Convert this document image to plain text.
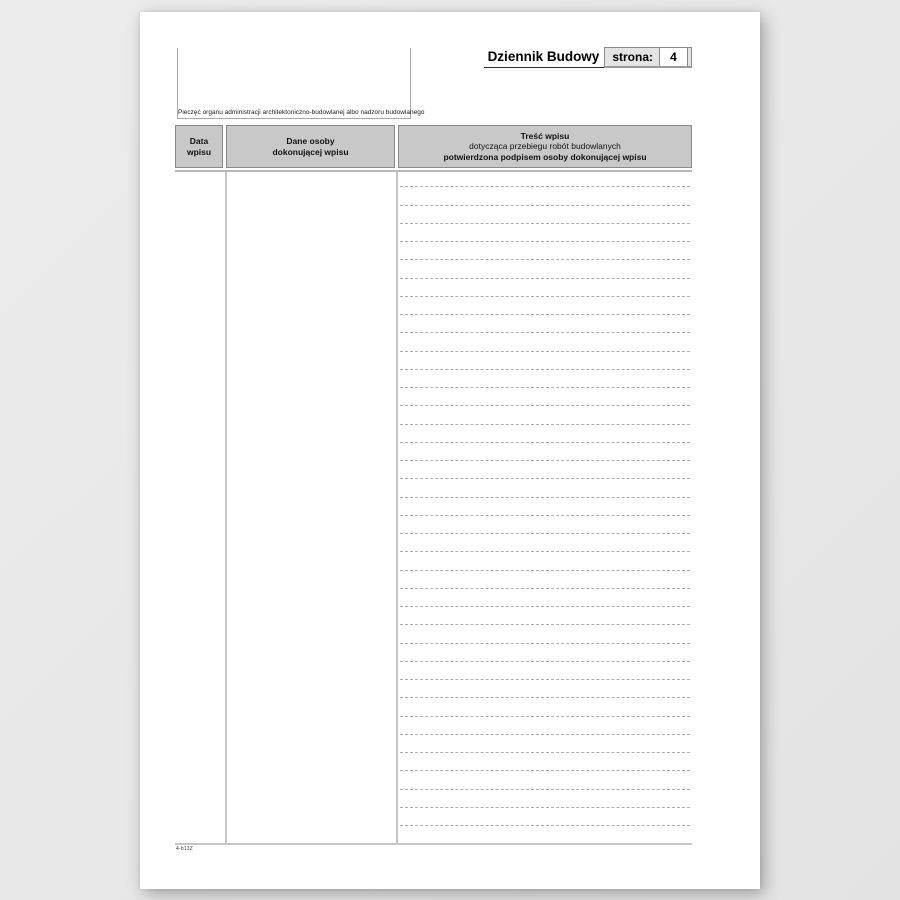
Pieczęć organu administracji architektoniczno-budowlanej albo nadzoru budowlanego
Dziennik Budowy	strona:	4
Data
wpisu
Dane osoby
dokonującej wpisu
Treść wpisu
dotycząca przebiegu robót budowlanych
potwierdzona podpisem osoby dokonującej wpisu
4-b13Z
